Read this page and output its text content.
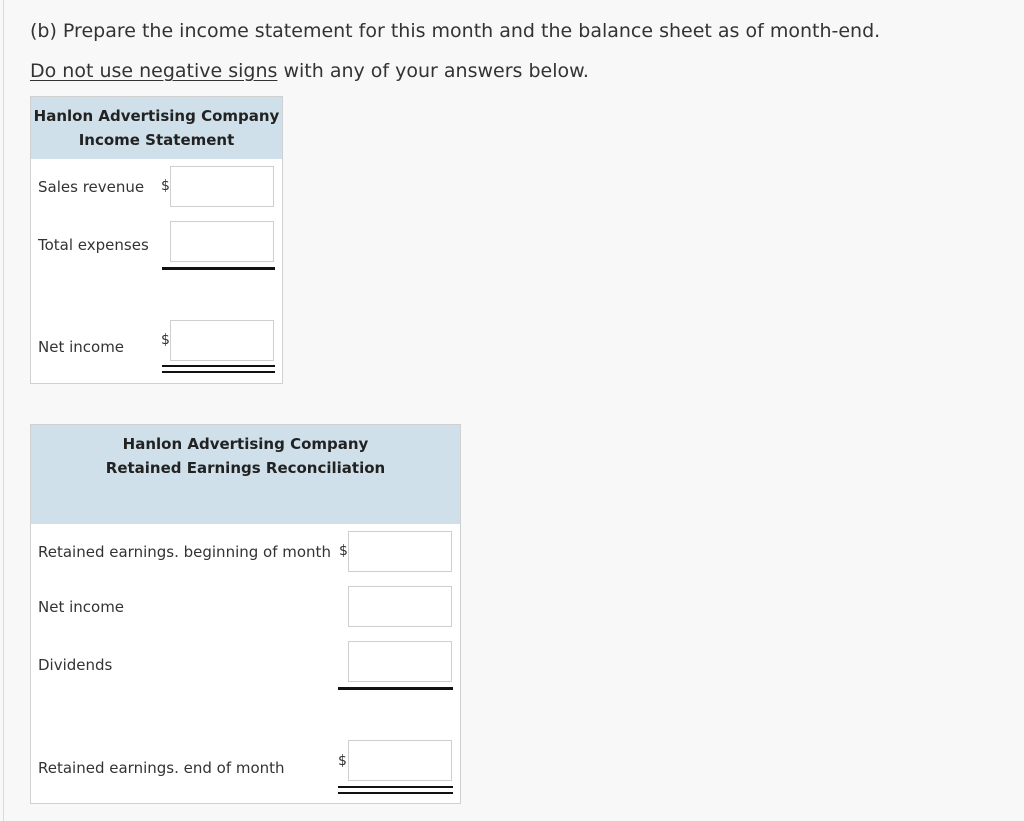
(b) Prepare the income statement for this month and the balance sheet as of month-end.
Do not use negative signs with any of your answers below.
Hanlon Advertising Company
Income Statement
Sales revenue $
Total expenses
Net income	$
Hanlon Advertising Company
Retained Earnings Reconciliation
Retained earnings. beginning of month $
Net income
Dividends
Retained earnings. end of month	$
